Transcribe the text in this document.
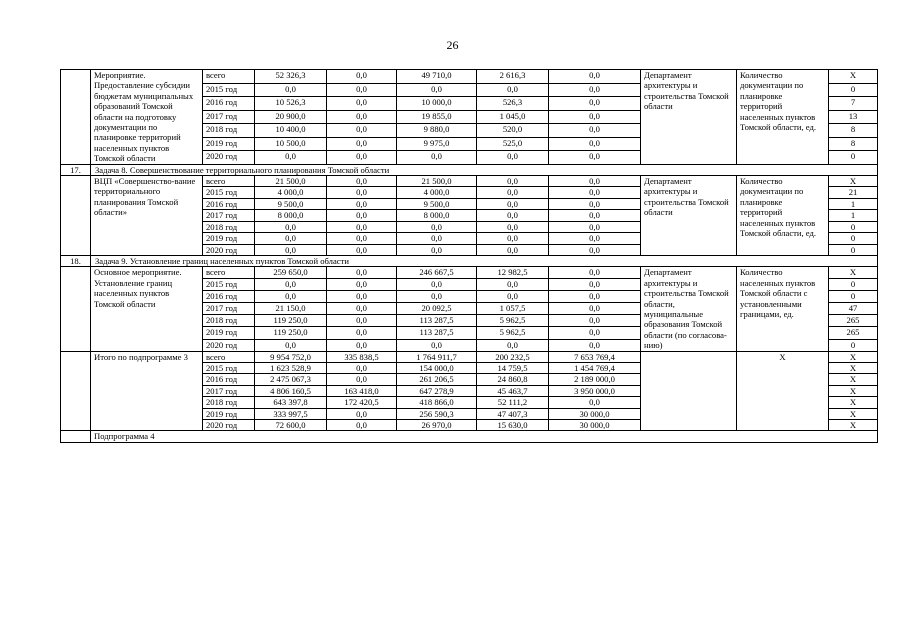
26
	Мероприятие. Предоставление субсидии бюджетам муниципальных образований Томской области на подготовку документации по планировке территорий населенных пунктов Томской области	всего	52 326,3	0,0	49 710,0	2 616,3	0,0	Департамент архитектуры и строительства Томской области	Количество документации по планировке территорий населенных пунктов Томской области, ед.	X
		2015 год	0,0	0,0	0,0	0,0	0,0			0
		2016 год	10 526,3	0,0	10 000,0	526,3	0,0			7
		2017 год	20 900,0	0,0	19 855,0	1 045,0	0,0			13
		2018 год	10 400,0	0,0	9 880,0	520,0	0,0			8
		2019 год	10 500,0	0,0	9 975,0	525,0	0,0			8
		2020 год	0,0	0,0	0,0	0,0	0,0			0
17.	Задача 8. Совершенствование территориального планирования Томской области									
	ВЦП «Совершенство-вание территориального планирования Томской области»	всего	21 500,0	0,0	21 500,0	0,0	0,0	Департамент архитектуры и строительства Томской области	Количество документации по планировке территорий населенных пунктов Томской области, ед.	X
		2015 год	4 000,0	0,0	4 000,0	0,0	0,0			21
		2016 год	9 500,0	0,0	9 500,0	0,0	0,0			1
		2017 год	8 000,0	0,0	8 000,0	0,0	0,0			1
		2018 год	0,0	0,0	0,0	0,0	0,0			0
		2019 год	0,0	0,0	0,0	0,0	0,0			0
		2020 год	0,0	0,0	0,0	0,0	0,0			0
18.	Задача 9. Установление границ населенных пунктов Томской области									
	Основное мероприятие. Установление границ населенных пунктов Томской области	всего	259 650,0	0,0	246 667,5	12 982,5	0,0	Департамент архитектуры и строительства Томской области, муниципальные образования Томской области (по согласова-нию)	Количество населенных пунктов Томской области с установленными границами, ед.	X
		2015 год	0,0	0,0	0,0	0,0	0,0			0
		2016 год	0,0	0,0	0,0	0,0	0,0			0
		2017 год	21 150,0	0,0	20 092,5	1 057,5	0,0			47
		2018 год	119 250,0	0,0	113 287,5	5 962,5	0,0			265
		2019 год	119 250,0	0,0	113 287,5	5 962,5	0,0			265
		2020 год	0,0	0,0	0,0	0,0	0,0			0
	Итого по подпрограмме 3	всего	9 954 752,0	335 838,5	1 764 911,7	200 232,5	7 653 769,4		X	X
		2015 год	1 623 528,9	0,0	154 000,0	14 759,5	1 454 769,4			X
		2016 год	2 475 067,3	0,0	261 206,5	24 860,8	2 189 000,0			X
		2017 год	4 806 160,5	163 418,0	647 278,9	45 463,7	3 950 000,0			X
		2018 год	643 397,8	172 420,5	418 866,0	52 111,2	0,0			X
		2019 год	333 997,5	0,0	256 590,3	47 407,3	30 000,0			X
		2020 год	72 600,0	0,0	26 970,0	15 630,0	30 000,0			X
	Подпрограмма 4									
